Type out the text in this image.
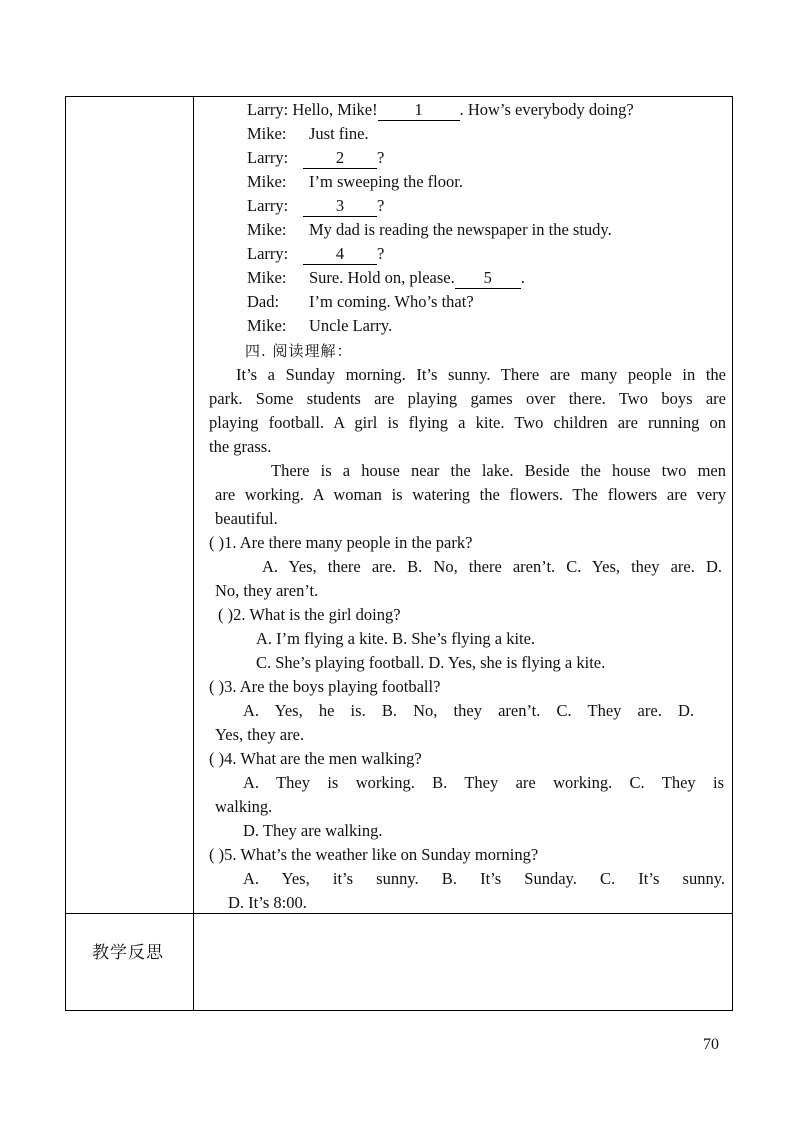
Larry: Hello, Mike! 1 . How’s everybody doing?
Mike: Just fine.
Larry:	2 ?
Mike: I’m sweeping the floor.
Larry:	3 ?
Mike: My dad is reading the newspaper in the study.
Larry:	4 ?
Mike: Sure. Hold on, please. 5 .
Dad: I’m coming. Who’s that?
Mike: Uncle Larry.
四. 阅读理解：
It’s a Sunday morning. It’s sunny. There are many people in the
park. Some students are playing games over there. Two boys are
playing football. A girl is flying a kite. Two children are running on
the grass.
There is a house near the lake. Beside the house two men
are working. A woman is watering the flowers. The flowers are very
beautiful.
( )1. Are there many people in the park?
A. Yes, there are. B. No, there aren’t. C. Yes, they are. D.
No, they aren’t.
( )2. What is the girl doing?
A. I’m flying a kite. B. She’s flying a kite.
C. She’s playing football. D. Yes, she is flying a kite.
( )3. Are the boys playing football?
A. Yes, he is. B. No, they aren’t. C. They are. D.
Yes, they are.
( )4. What are the men walking?
A. They is working. B. They are working. C. They is
walking.
D. They are walking.
( )5. What’s the weather like on Sunday morning?
A. Yes, it’s sunny. B. It’s Sunday. C. It’s sunny.
D. It’s 8:00.
教学反思
70
